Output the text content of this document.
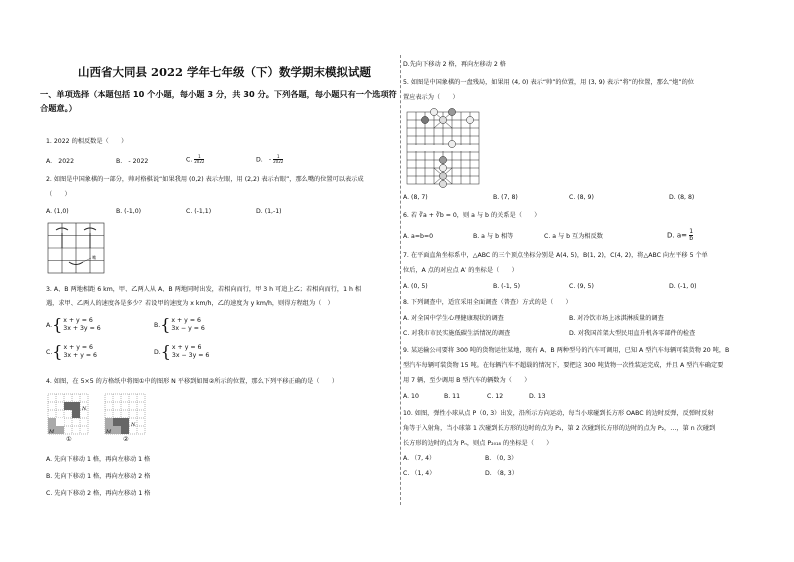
山西省大同县 2022 学年七年级（下）数学期末模拟试题
一、单项选择（本题包括 10 个小题，每小题 3 分，共 30 分。下列各题，每小题只有一个选项符
合题意。）
1. 2022 的相反数是（　　）
A.　2022	B.　- 2022	C. $\frac{1}{2022}$	D.　- $\frac{1}{2022}$
2. 如图是中国象棋的一部分，帅对格棋说“如果我用 (0,2) 表示左眼，用 (2,2) 表示右眼”，那么嘴的位置可以表示成
（　　）
A. (1,0)	B. (-1,0)	C. (-1,1)	D. (1,-1)
嘴
3. A、B 两地相距 6 km，甲、乙两人从 A、B 两地同时出发，若相向而行，甲 3 h 可追上乙；若相向而行，1 h 相
遇，求甲、乙两人的速度各是多少？若设甲的速度为 x km/h，乙的速度为 y km/h，则得方程组为（　）
A. { x + y = 6
3x + 3y = 6	B. { x + y = 6
3x − y = 6
C. { x + y = 6
3x + y = 6	D. { x + y = 6
3x − 3y = 6
4. 如图，在 5×5 的方格纸中将图①中的图形 N 平移到如图②所示的位置，那么下列平移正确的是（　　）
N
M
①
N
M
②
A. 先向下移动 1 格，再向左移动 1 格
B. 先向下移动 1 格，再向左移动 2 格
C. 先向下移动 2 格，再向左移动 1 格
D.先向下移动 2 格，再向左移动 2 格
5. 如图是中国象棋的一盘残局，如果用 (4, 0) 表示“帅”的位置，用 (3, 9) 表示“将”的位置，那么“炮”的位
置应表示为（　　）
A. (8, 7)	B. (7, 8)	C. (8, 9)	D. (8, 8)
6. 若 ∛a + ∛b = 0，则 a 与 b 的关系是（　　）
A. a=b=0	B. a 与 b 相等	C. a 与 b 互为相反数	D. $a= \frac{1}{b}$
7. 在平面直角坐标系中，△ABC 的三个顶点坐标分别是 A(4, 5)，B(1, 2)，C(4, 2)，将△ABC 向左平移 5 个单
位后，A 点的对应点 A′ 的坐标是（　　）
A. (0, 5)	B. (-1, 5)	C. (9, 5)	D. (-1, 0)
8. 下列调查中，适宜采用全面调查（普查）方式的是（　　）
A. 对全国中学生心理健康现状的调查	B. 对冷饮市场上冰淇淋质量的调查
C. 对我市市民实施低碳生活情况的调查	D. 对我国首架大型民用直升机各零部件的检查
9. 某运输公司要将 300 吨的货物运往某地，现有 A、B 两种型号的汽车可调用，已知 A 型汽车每辆可装货物 20 吨，B
型汽车每辆可装货物 15 吨。在每辆汽车不超载的情况下，要把这 300 吨货物一次性装运完成，并且 A 型汽车确定要
用 7 辆，至少调用 B 型汽车的辆数为（　　）
A. 10	B. 11	C. 12	D. 13
10. 如图，弹性小球从点 P（0, 3）出发，沿所示方向运动，每当小球碰到长方形 OABC 的边时反弹，反弹时反射
角等于入射角，当小球第 1 次碰到长方形的边时的点为 P₁，第 2 次碰到长方形的边时的点为 P₂，…，第 n 次碰到
长方形的边时的点为 Pₙ，则点 P₂₀₁₈ 的坐标是（　　）
A. （7, 4）	B. （0, 3）
C. （1, 4）	D. （8, 3）
